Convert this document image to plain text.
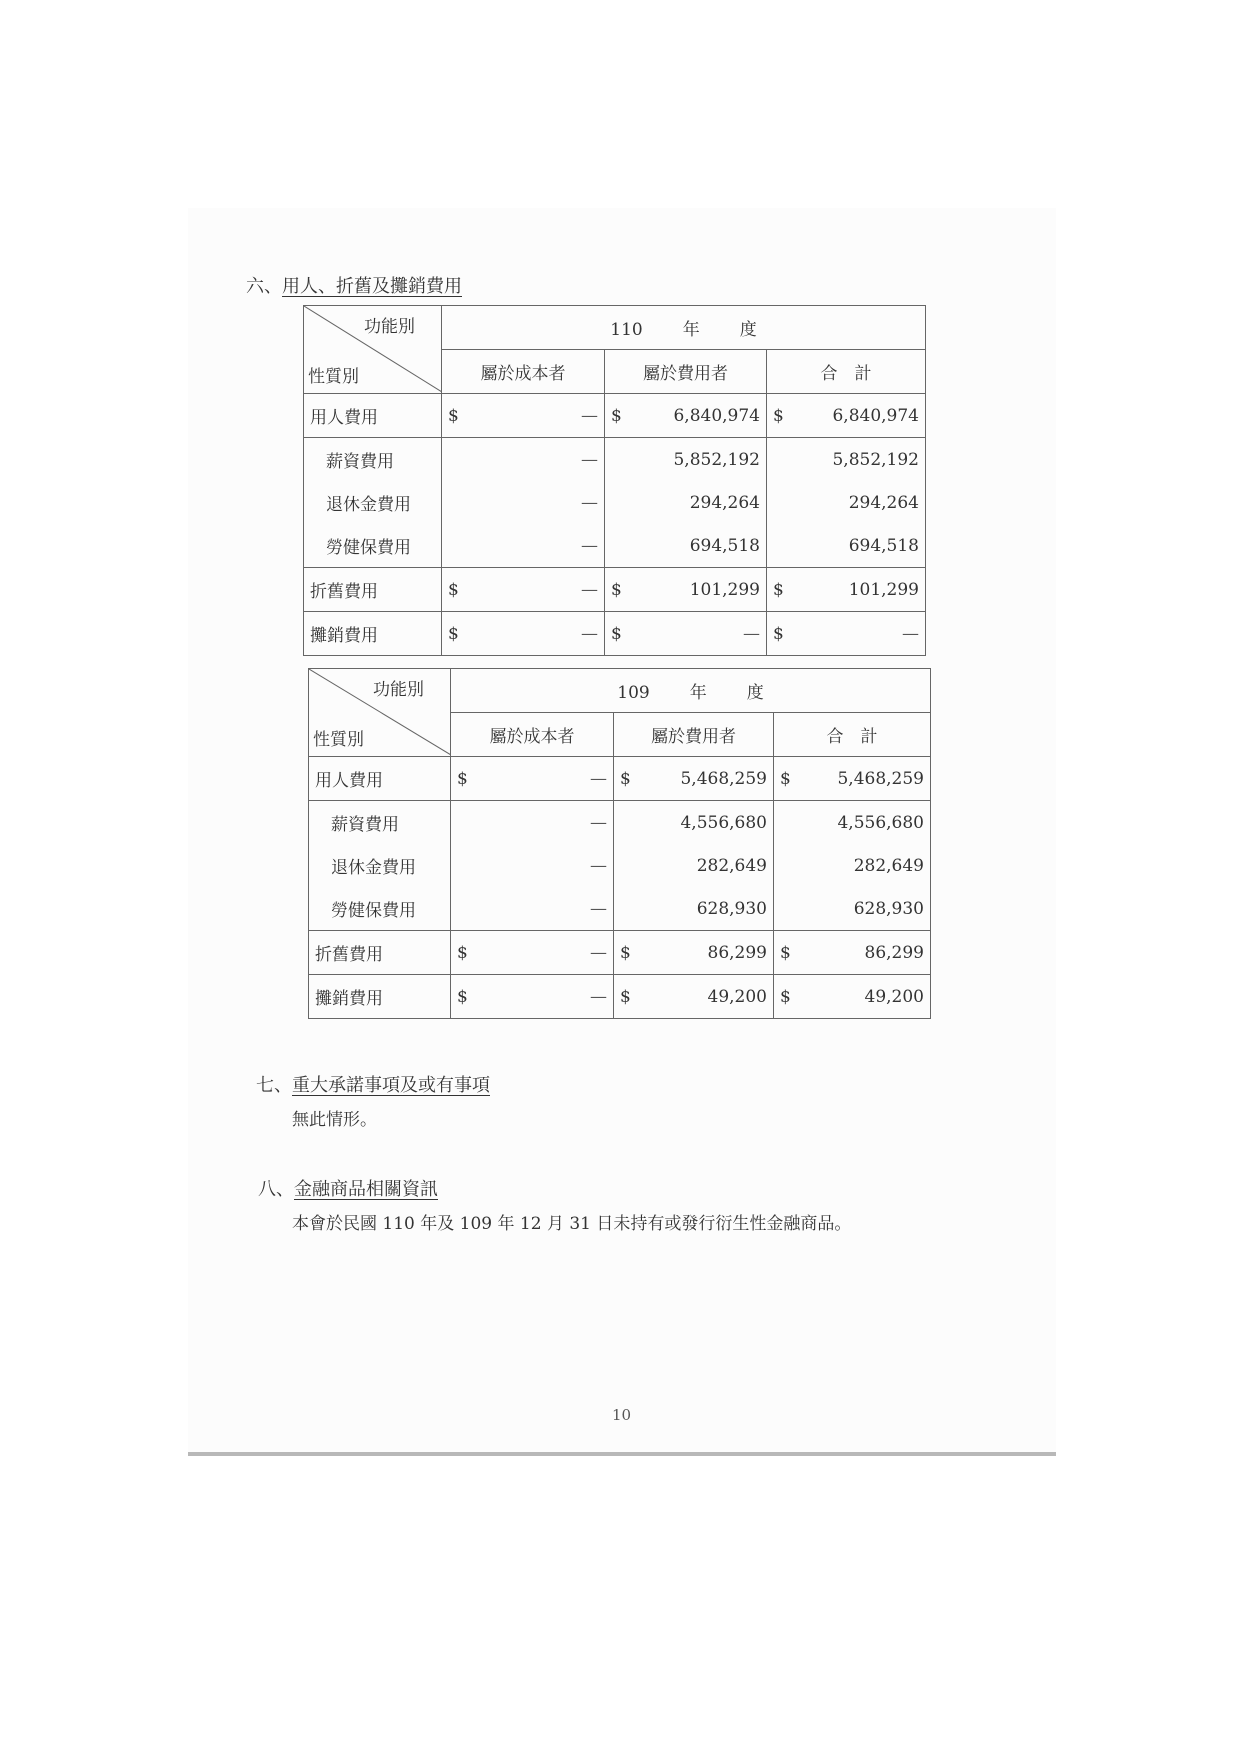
六、用人、折舊及攤銷費用
功能別
性質別	110 年 度		
	屬於成本者	屬於費用者	合　計
用人費用	$ —	$ 6,840,974	$ 6,840,974
薪資費用	—	5,852,192	5,852,192
退休金費用	—	294,264	294,264
勞健保費用	—	694,518	694,518
折舊費用	$ —	$ 101,299	$ 101,299
攤銷費用	$ —	$ —	$ —
功能別
性質別	109 年 度		
	屬於成本者	屬於費用者	合　計
用人費用	$ —	$ 5,468,259	$ 5,468,259
薪資費用	—	4,556,680	4,556,680
退休金費用	—	282,649	282,649
勞健保費用	—	628,930	628,930
折舊費用	$ —	$ 86,299	$ 86,299
攤銷費用	$ —	$ 49,200	$ 49,200
七、重大承諾事項及或有事項
無此情形。
八、金融商品相關資訊
本會於民國 110 年及 109 年 12 月 31 日未持有或發行衍生性金融商品。
10
